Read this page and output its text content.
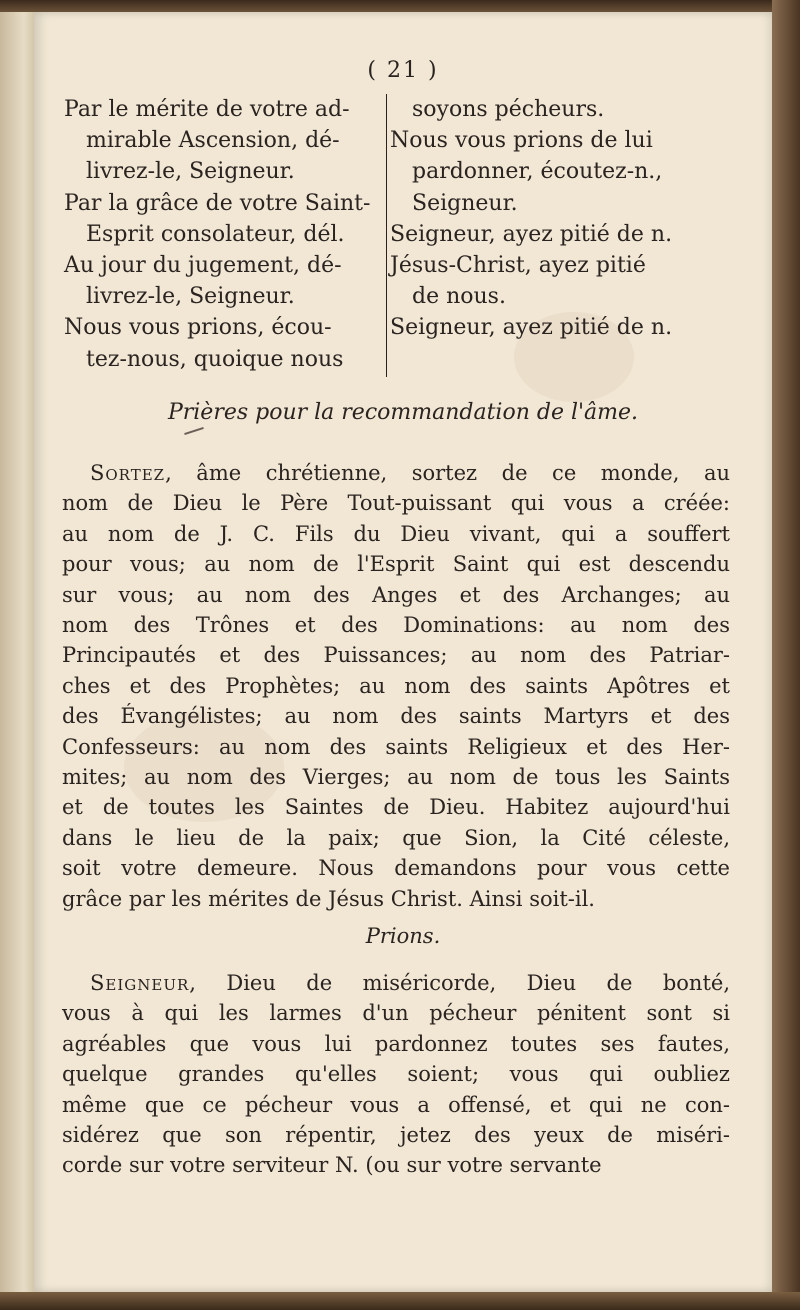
( 21 )
Par le mérite de votre ad-
mirable Ascension, dé-
livrez-le, Seigneur.
Par la grâce de votre Saint-
Esprit consolateur, dél.
Au jour du jugement, dé-
livrez-le, Seigneur.
Nous vous prions, écou-
tez-nous, quoique nous
soyons pécheurs.
Nous vous prions de lui
pardonner, écoutez-n.,
Seigneur.
Seigneur, ayez pitié de n.
Jésus-Christ, ayez pitié
de nous.
Seigneur, ayez pitié de n.
Prières pour la recommandation de l'âme.
Sortez, âme chrétienne, sortez de ce monde, au
nom de Dieu le Père Tout-puissant qui vous a créée:
au nom de J. C. Fils du Dieu vivant, qui a souffert
pour vous; au nom de l'Esprit Saint qui est descendu
sur vous; au nom des Anges et des Archanges; au
nom des Trônes et des Dominations: au nom des
Principautés et des Puissances; au nom des Patriar-
ches et des Prophètes; au nom des saints Apôtres et
des Évangélistes; au nom des saints Martyrs et des
Confesseurs: au nom des saints Religieux et des Her-
mites; au nom des Vierges; au nom de tous les Saints
et de toutes les Saintes de Dieu. Habitez aujourd'hui
dans le lieu de la paix; que Sion, la Cité céleste,
soit votre demeure. Nous demandons pour vous cette
grâce par les mérites de Jésus Christ. Ainsi soit-il.
Prions.
Seigneur, Dieu de miséricorde, Dieu de bonté,
vous à qui les larmes d'un pécheur pénitent sont si
agréables que vous lui pardonnez toutes ses fautes,
quelque grandes qu'elles soient; vous qui oubliez
même que ce pécheur vous a offensé, et qui ne con-
sidérez que son répentir, jetez des yeux de miséri-
corde sur votre serviteur N. (ou sur votre servante
